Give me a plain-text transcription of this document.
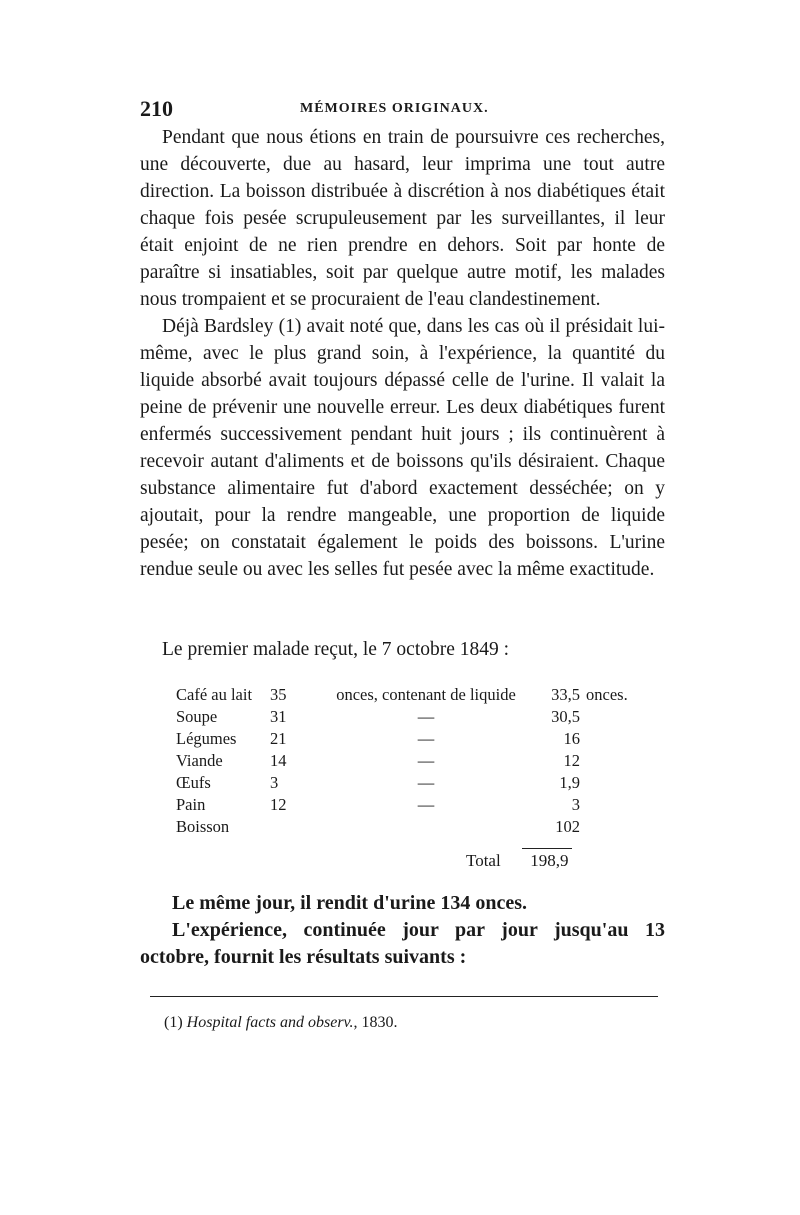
210	MÉMOIRES ORIGINAUX.

Pendant que nous étions en train de poursuivre ces recherches, une découverte, due au hasard, leur imprima une tout autre direction. La boisson distribuée à discrétion à nos diabétiques était chaque fois pesée scrupuleusement par les surveillantes, il leur était enjoint de ne rien prendre en dehors. Soit par honte de paraître si insatiables, soit par quelque autre motif, les malades nous trompaient et se procuraient de l'eau clandestinement.

Déjà Bardsley (1) avait noté que, dans les cas où il présidait lui-même, avec le plus grand soin, à l'expérience, la quantité du liquide absorbé avait toujours dépassé celle de l'urine. Il valait la peine de prévenir une nouvelle erreur. Les deux diabétiques furent enfermés successivement pendant huit jours ; ils continuèrent à recevoir autant d'aliments et de boissons qu'ils désiraient. Chaque substance alimentaire fut d'abord exactement desséchée; on y ajoutait, pour la rendre mangeable, une proportion de liquide pesée; on constatait également le poids des boissons. L'urine rendue seule ou avec les selles fut pesée avec la même exactitude.

Le premier malade reçut, le 7 octobre 1849 :
Café au lait	35	onces, contenant de liquide	33,5	onces.
Soupe	31	—	30,5	
Légumes	21	—	16	
Viande	14	—	12	
Œufs	3	—	1,9	
Pain	12	—	3	
Boisson			102	
Total 198,9

Le même jour, il rendit d'urine 134 onces.

L'expérience, continuée jour par jour jusqu'au 13 octobre, fournit les résultats suivants :

(1) Hospital facts and observ., 1830.
